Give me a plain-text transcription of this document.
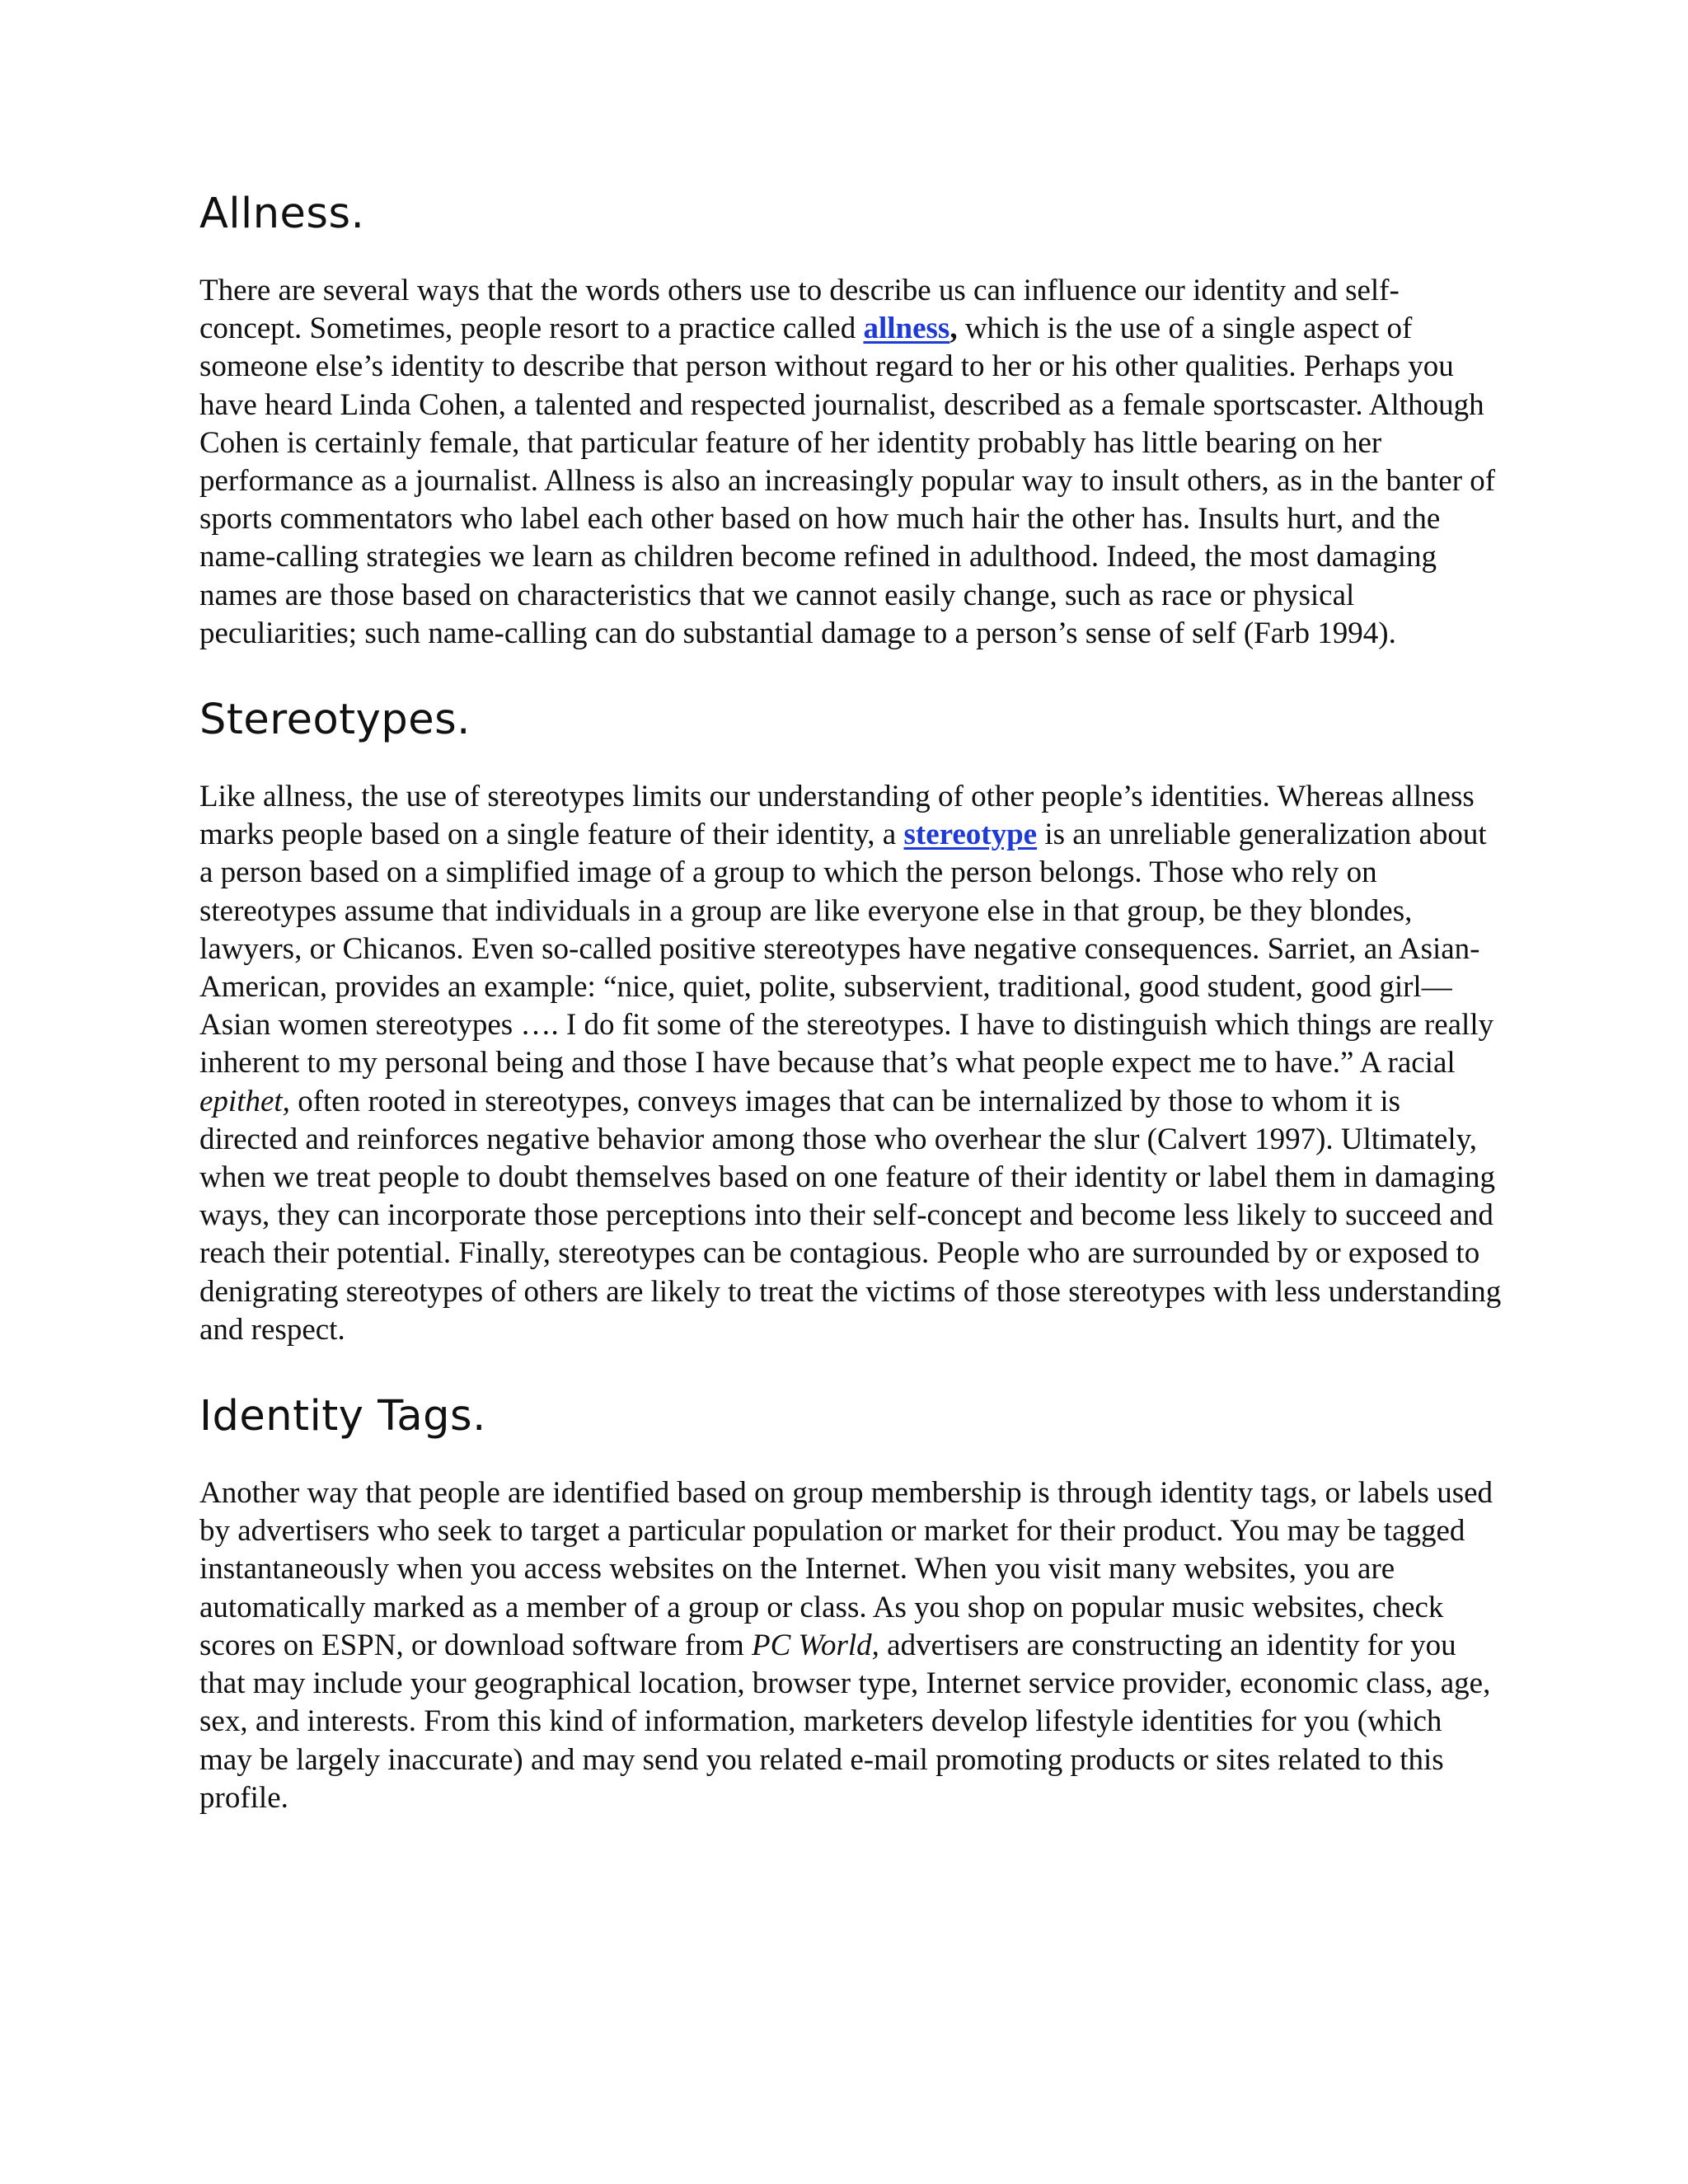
Allness.

There are several ways that the words others use to describe us can influence our identity and self-concept. Sometimes, people resort to a practice called allness, which is the use of a single aspect of someone else’s identity to describe that person without regard to her or his other qualities. Perhaps you have heard Linda Cohen, a talented and respected journalist, described as a female sportscaster. Although Cohen is certainly female, that particular feature of her identity probably has little bearing on her performance as a journalist. Allness is also an increasingly popular way to insult others, as in the banter of sports commentators who label each other based on how much hair the other has. Insults hurt, and the name-calling strategies we learn as children become refined in adulthood. Indeed, the most damaging names are those based on characteristics that we cannot easily change, such as race or physical peculiarities; such name-calling can do substantial damage to a person’s sense of self (Farb 1994).

Stereotypes.

Like allness, the use of stereotypes limits our understanding of other people’s identities. Whereas allness marks people based on a single feature of their identity, a stereotype is an unreliable generalization about a person based on a simplified image of a group to which the person belongs. Those who rely on stereotypes assume that individuals in a group are like everyone else in that group, be they blondes, lawyers, or Chicanos. Even so-called positive stereotypes have negative consequences. Sarriet, an Asian-American, provides an example: “nice, quiet, polite, subservient, traditional, good student, good girl—Asian women stereotypes …. I do fit some of the stereotypes. I have to distinguish which things are really inherent to my personal being and those I have because that’s what people expect me to have.” A racial epithet, often rooted in stereotypes, conveys images that can be internalized by those to whom it is directed and reinforces negative behavior among those who overhear the slur (Calvert 1997). Ultimately, when we treat people to doubt themselves based on one feature of their identity or label them in damaging ways, they can incorporate those perceptions into their self-concept and become less likely to succeed and reach their potential. Finally, stereotypes can be contagious. People who are surrounded by or exposed to denigrating stereotypes of others are likely to treat the victims of those stereotypes with less understanding and respect.

Identity Tags.

Another way that people are identified based on group membership is through identity tags, or labels used by advertisers who seek to target a particular population or market for their product. You may be tagged instantaneously when you access websites on the Internet. When you visit many websites, you are automatically marked as a member of a group or class. As you shop on popular music websites, check scores on ESPN, or download software from PC World, advertisers are constructing an identity for you that may include your geographical location, browser type, Internet service provider, economic class, age, sex, and interests. From this kind of information, marketers develop lifestyle identities for you (which may be largely inaccurate) and may send you related e-mail promoting products or sites related to this profile.
